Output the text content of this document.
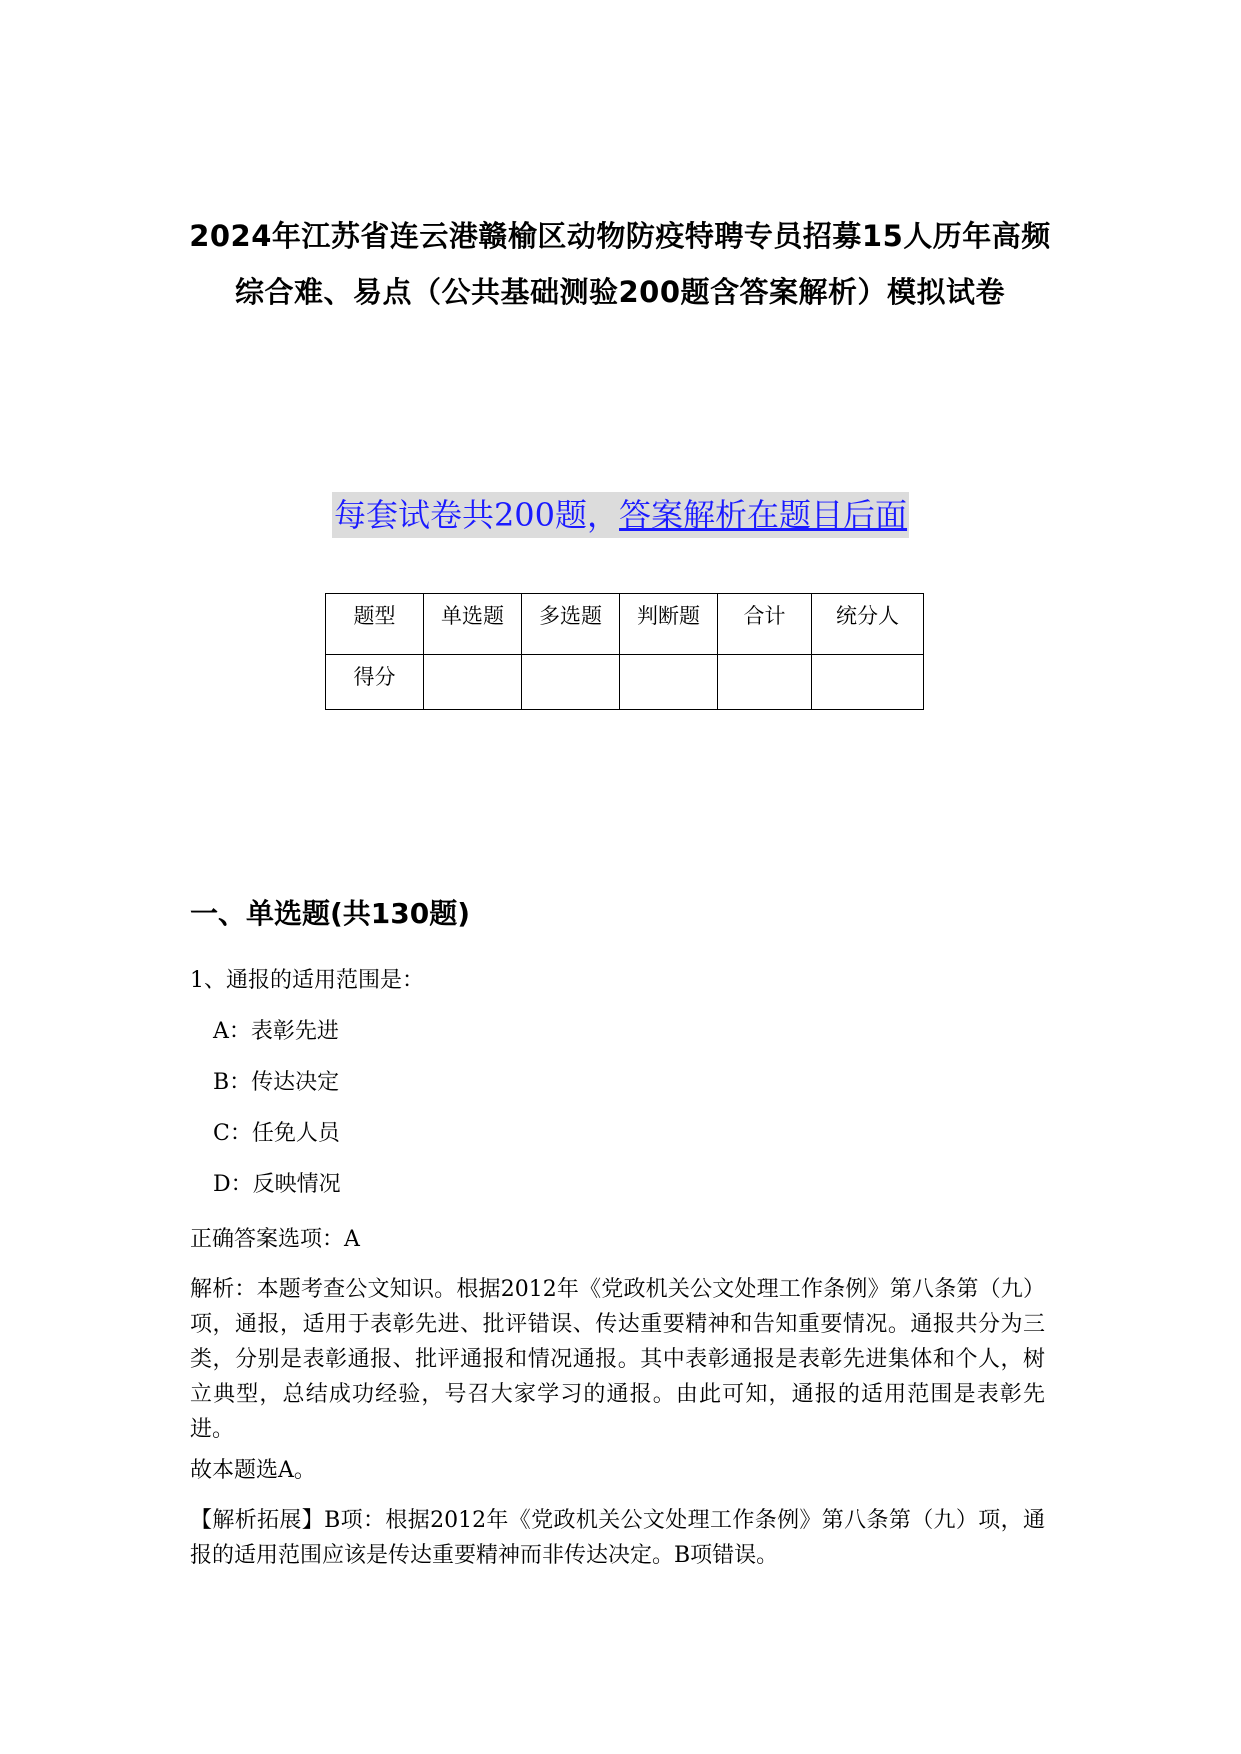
2024年江苏省连云港赣榆区动物防疫特聘专员招募15人历年高频综合难、易点（公共基础测验200题含答案解析）模拟试卷
每套试卷共200题，答案解析在题目后面
题型	单选题	多选题	判断题	合计	统分人
得分					
一、单选题(共130题)
1、通报的适用范围是：
A：表彰先进
B：传达决定
C：任免人员
D：反映情况
正确答案选项：A
解析：本题考查公文知识。根据2012年《党政机关公文处理工作条例》第八条第（九）项，通报，适用于表彰先进、批评错误、传达重要精神和告知重要情况。通报共分为三类，分别是表彰通报、批评通报和情况通报。其中表彰通报是表彰先进集体和个人，树立典型，总结成功经验，号召大家学习的通报。由此可知，通报的适用范围是表彰先进。
故本题选A。
【解析拓展】B项：根据2012年《党政机关公文处理工作条例》第八条第（九）项，通报的适用范围应该是传达重要精神而非传达决定。B项错误。
